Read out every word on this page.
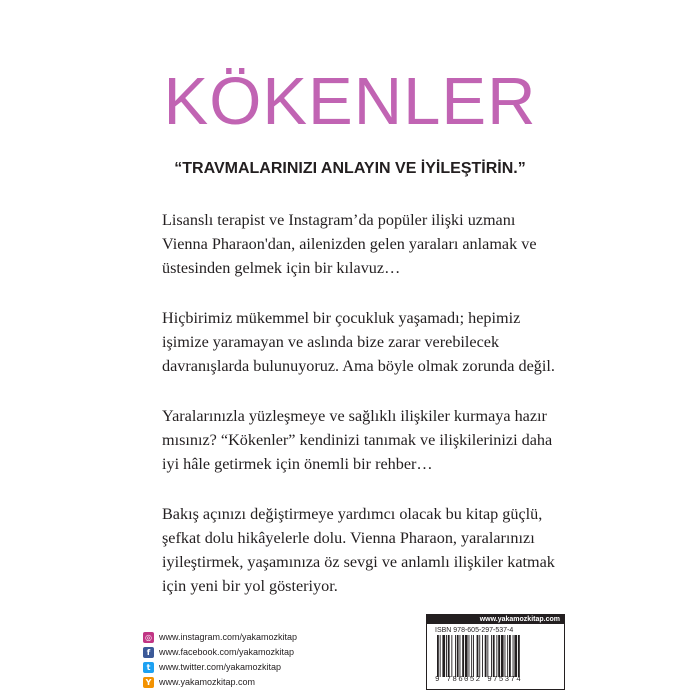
KÖKENLER
“TRAVMALARINIZI ANLAYIN VE İYİLEŞTİRİN.”

Lisanslı terapist ve Instagram’da popüler ilişki uzmanı Vienna Pharaon'dan, ailenizden gelen yaraları anlamak ve üstesinden gelmek için bir kılavuz…

Hiçbirimiz mükemmel bir çocukluk yaşamadı; hepimiz işimize yaramayan ve aslında bize zarar verebilecek davranışlarda bulunuyoruz. Ama böyle olmak zorunda değil.

Yaralarınızla yüzleşmeye ve sağlıklı ilişkiler kurmaya hazır mısınız? “Kökenler” kendinizi tanımak ve ilişkilerinizi daha iyi hâle getirmek için önemli bir rehber…

Bakış açınızı değiştirmeye yardımcı olacak bu kitap güçlü, şefkat dolu hikâyelerle dolu. Vienna Pharaon, yaralarınızı iyileştirmek, yaşamınıza öz sevgi ve anlamlı ilişkiler katmak için yeni bir yol gösteriyor.

◎ www.instagram.com/yakamozkitap
f www.facebook.com/yakamozkitap
t www.twitter.com/yakamozkitap
Y www.yakamozkitap.com
www.yakamozkitap.com
ISBN 978-605-297-537-4
9 786052 975374
